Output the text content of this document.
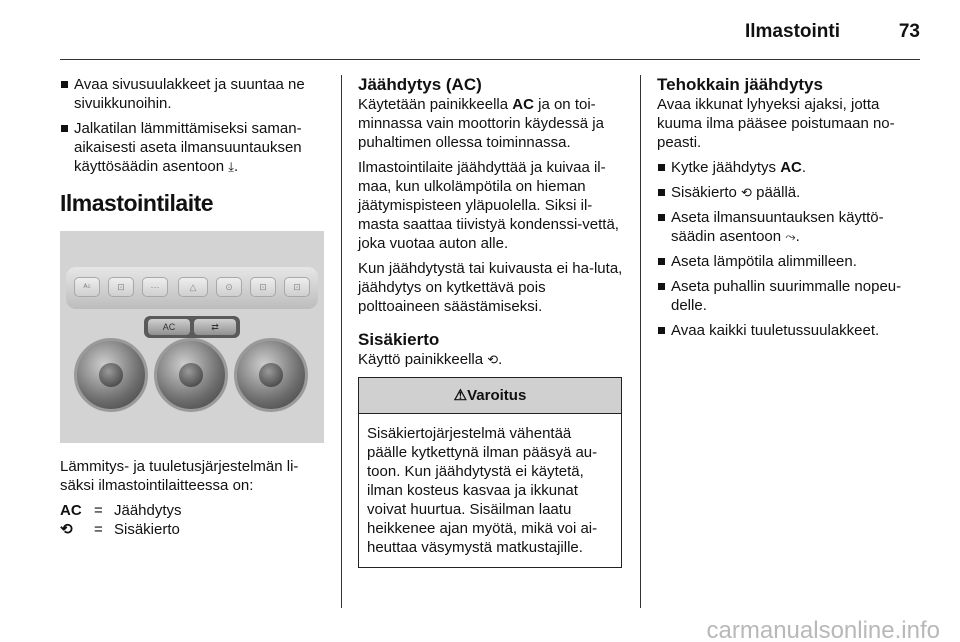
Ilmastointi	73
Avaa sivusuulakkeet ja suuntaa ne sivuikkunoihin.
Jalkatilan lämmittämiseksi saman-aikaisesti aseta ilmansuuntauksen käyttösäädin asentoon ⤓.
Ilmastointilaite
ᴬᶜ	⊡	⋯	△	⊙	⊡	⊡
AC	⇄

Lämmitys- ja tuuletusjärjestelmän li-säksi ilmastointilaitteessa on:

AC = Jäähdytys
⟲	= Sisäkierto
Jäähdytys (AC)

Käytetään painikkeella AC ja on toi-minnassa vain moottorin käydessä ja puhaltimen ollessa toiminnassa.

Ilmastointilaite jäähdyttää ja kuivaa il-maa, kun ulkolämpötila on hieman jäätymispisteen yläpuolella. Siksi il-masta saattaa tiivistyä kondenssi-vettä, joka vuotaa auton alle.

Kun jäähdytystä tai kuivausta ei ha-luta, jäähdytys on kytkettävä pois polttoaineen säästämiseksi.

Sisäkierto

Käyttö painikkeella ⟲.

⚠Varoitus
Sisäkiertojärjestelmä vähentää päälle kytkettynä ilman pääsyä au-toon. Kun jäähdytystä ei käytetä, ilman kosteus kasvaa ja ikkunat voivat huurtua. Sisäilman laatu heikkenee ajan myötä, mikä voi ai-heuttaa väsymystä matkustajille.
Tehokkain jäähdytys

Avaa ikkunat lyhyeksi ajaksi, jotta kuuma ilma pääsee poistumaan no-peasti.

Kytke jäähdytys AC.
Sisäkierto ⟲ päällä.
Aseta ilmansuuntauksen käyttö-säädin asentoon ⤳.
Aseta lämpötila alimmilleen.
Aseta puhallin suurimmalle nopeu-delle.
Avaa kaikki tuuletussuulakkeet.
carmanualsonline.info
